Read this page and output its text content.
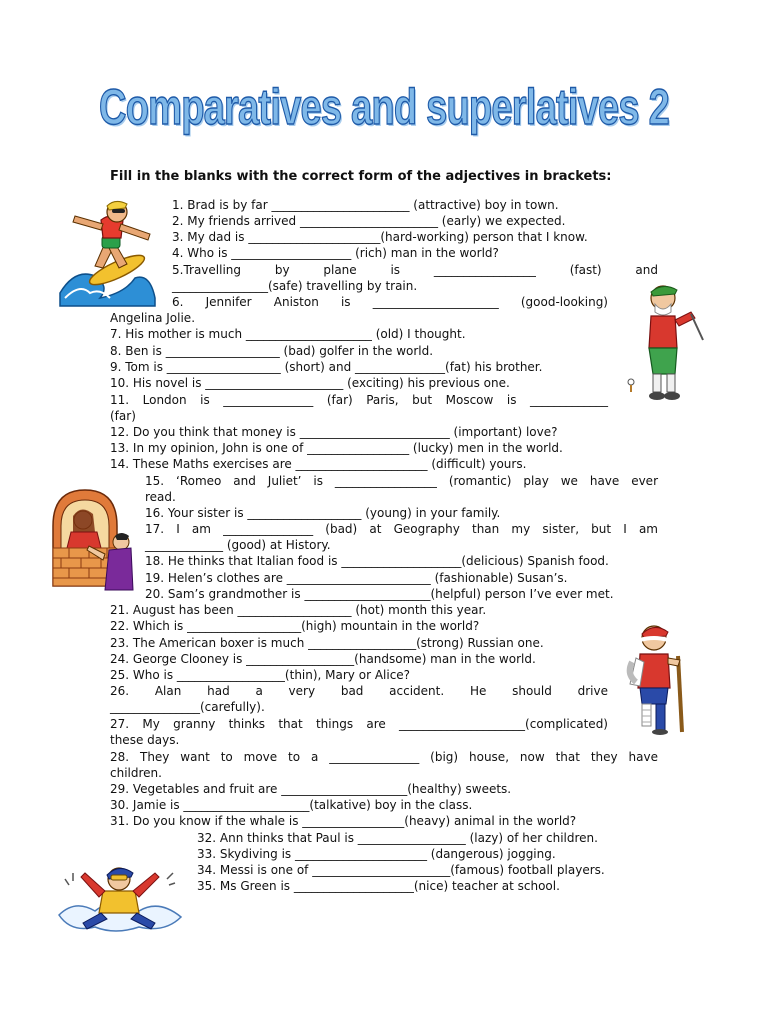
Comparatives and superlatives 2

Fill in the blanks with the correct form of the adjectives in brackets:

1. Brad is by far _______________________ (attractive) boy in town.

2. My friends arrived _______________________ (early) we expected.

3. My dad is ______________________(hard-working) person that I know.

4. Who is ____________________ (rich) man in the world?

5.Travelling by plane is _________________ (fast) and

________________(safe) travelling by train.

6. Jennifer Aniston is _____________________ (good-looking)

Angelina Jolie.

7. His mother is much _____________________ (old) I thought.

8. Ben is ___________________ (bad) golfer in the world.

9. Tom is ___________________ (short) and _______________(fat) his brother.

10. His novel is _______________________ (exciting) his previous one.

11. London is _______________ (far) Paris, but Moscow is _____________

(far)

12. Do you think that money is _________________________ (important) love?

13. In my opinion, John is one of _________________ (lucky) men in the world.

14. These Maths exercises are ______________________ (difficult) yours.

15. ‘Romeo and Juliet’ is _________________ (romantic) play we have ever

read.

16. Your sister is ___________________ (young) in your family.

17. I am _______________ (bad) at Geography than my sister, but I am

_____________ (good) at History.

18. He thinks that Italian food is ____________________(delicious) Spanish food.

19. Helen’s clothes are ________________________ (fashionable) Susan’s.

20. Sam’s grandmother is _____________________(helpful) person I’ve ever met.

21. August has been ___________________ (hot) month this year.

22. Which is ___________________(high) mountain in the world?

23. The American boxer is much __________________(strong) Russian one.

24. George Clooney is __________________(handsome) man in the world.

25. Who is __________________(thin), Mary or Alice?

26. Alan had a very bad accident. He should drive

_______________(carefully).

27. My granny thinks that things are _____________________(complicated)

these days.

28. They want to move to a _______________ (big) house, now that they have

children.

29. Vegetables and fruit are _____________________(healthy) sweets.

30. Jamie is _____________________(talkative) boy in the class.

31. Do you know if the whale is _________________(heavy) animal in the world?

32. Ann thinks that Paul is __________________ (lazy) of her children.

33. Skydiving is ______________________ (dangerous) jogging.

34. Messi is one of _______________________(famous) football players.

35. Ms Green is ____________________(nice) teacher at school.
